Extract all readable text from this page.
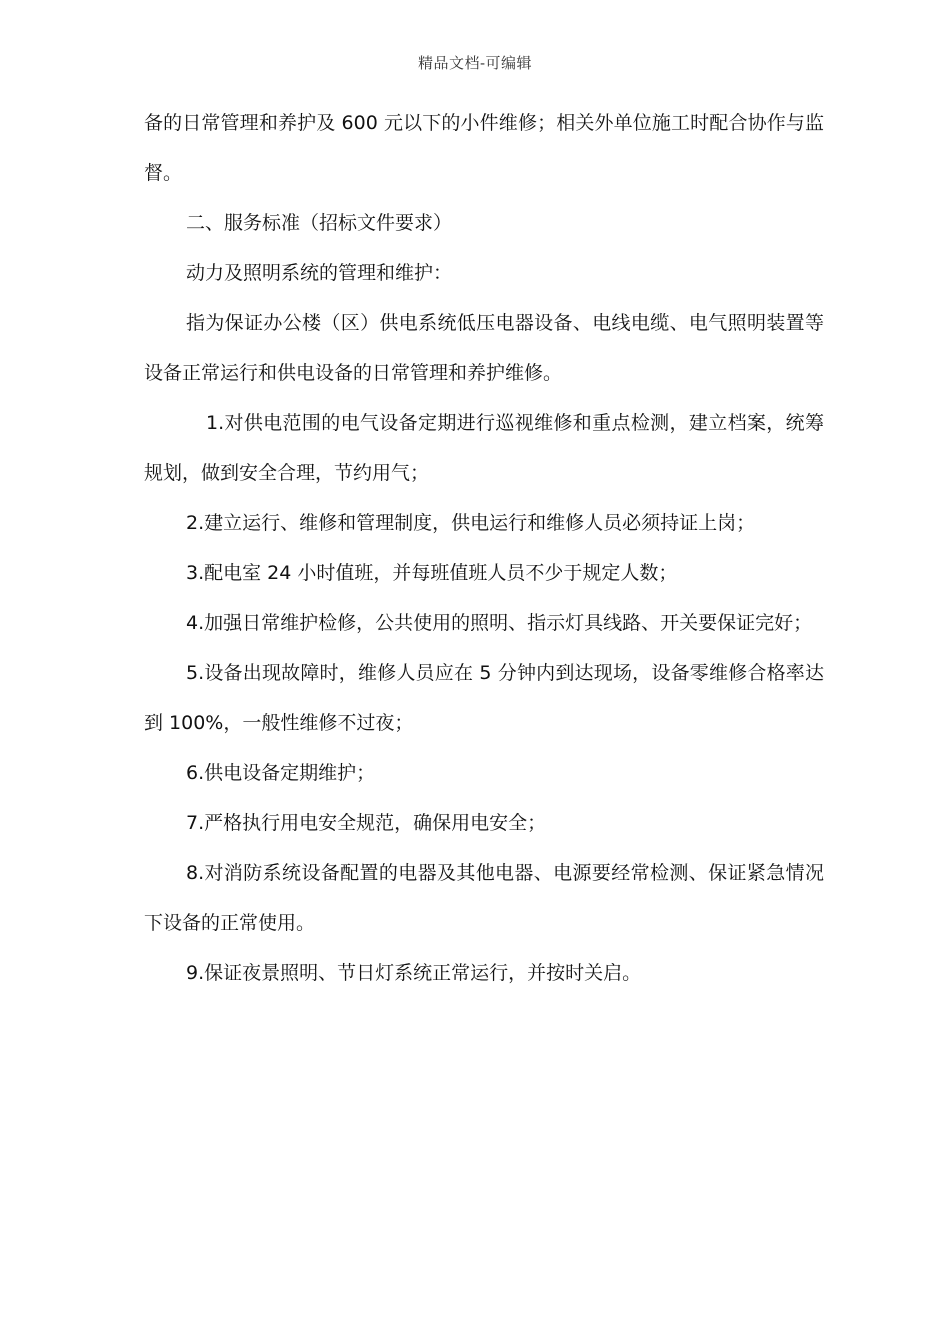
精品文档-可编辑

备的日常管理和养护及 600 元以下的小件维修；相关外单位施工时配合协作与监督。

二、服务标准（招标文件要求）

动力及照明系统的管理和维护：

指为保证办公楼（区）供电系统低压电器设备、电线电缆、电气照明装置等设备正常运行和供电设备的日常管理和养护维修。

1.对供电范围的电气设备定期进行巡视维修和重点检测，建立档案，统筹规划，做到安全合理，节约用气；

2.建立运行、维修和管理制度，供电运行和维修人员必须持证上岗；

3.配电室 24 小时值班，并每班值班人员不少于规定人数；

4.加强日常维护检修，公共使用的照明、指示灯具线路、开关要保证完好；

5.设备出现故障时，维修人员应在 5 分钟内到达现场，设备零维修合格率达到 100%，一般性维修不过夜；

6.供电设备定期维护；

7.严格执行用电安全规范，确保用电安全；

8.对消防系统设备配置的电器及其他电器、电源要经常检测、保证紧急情况下设备的正常使用。

9.保证夜景照明、节日灯系统正常运行，并按时关启。
